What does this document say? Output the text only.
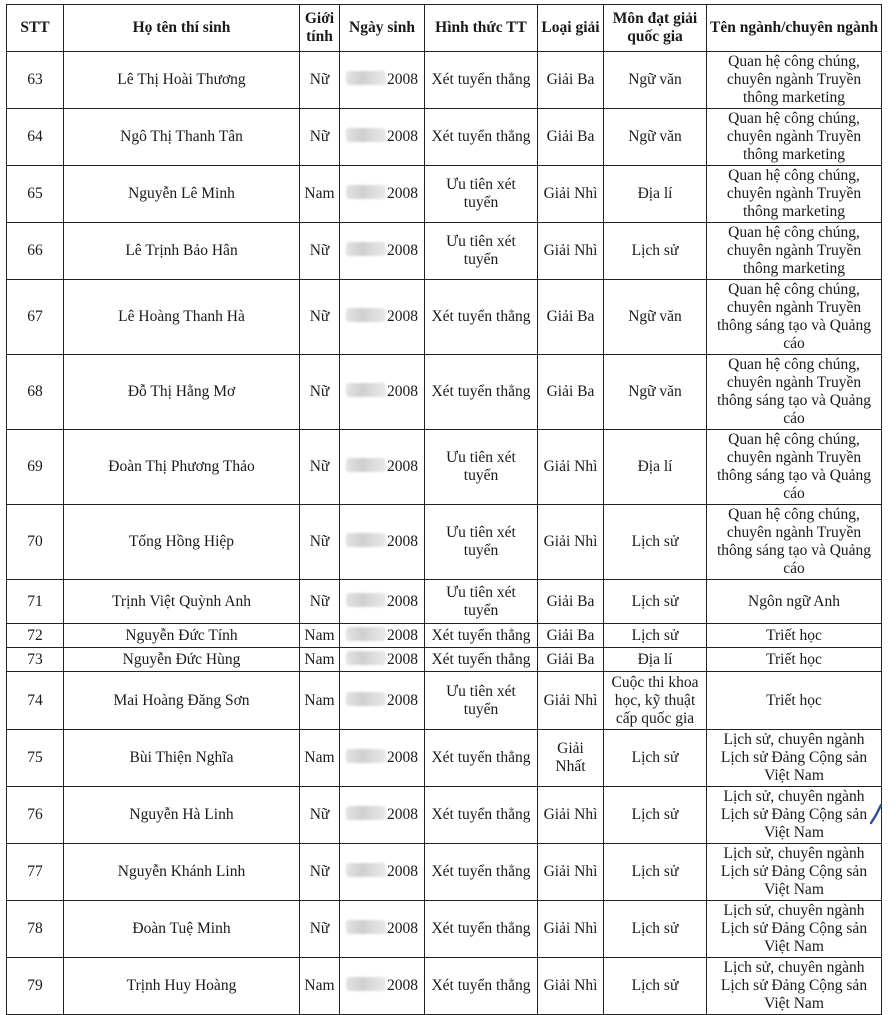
STT	Họ tên thí sinh	Giới tính	Ngày sinh	Hình thức TT	Loại giải	Môn đạt giải quốc gia	Tên ngành/chuyên ngành
63	Lê Thị Hoài Thương	Nữ	2008	Xét tuyển thẳng	Giải Ba	Ngữ văn	Quan hệ công chúng, chuyên ngành Truyền thông marketing
64	Ngô Thị Thanh Tân	Nữ	2008	Xét tuyển thẳng	Giải Ba	Ngữ văn	Quan hệ công chúng, chuyên ngành Truyền thông marketing
65	Nguyễn Lê Minh	Nam	2008	Ưu tiên xét tuyển	Giải Nhì	Địa lí	Quan hệ công chúng, chuyên ngành Truyền thông marketing
66	Lê Trịnh Bảo Hân	Nữ	2008	Ưu tiên xét tuyển	Giải Nhì	Lịch sử	Quan hệ công chúng, chuyên ngành Truyền thông marketing
67	Lê Hoàng Thanh Hà	Nữ	2008	Xét tuyển thẳng	Giải Ba	Ngữ văn	Quan hệ công chúng, chuyên ngành Truyền thông sáng tạo và Quảng cáo
68	Đỗ Thị Hằng Mơ	Nữ	2008	Xét tuyển thẳng	Giải Ba	Ngữ văn	Quan hệ công chúng, chuyên ngành Truyền thông sáng tạo và Quảng cáo
69	Đoàn Thị Phương Thảo	Nữ	2008	Ưu tiên xét tuyển	Giải Nhì	Địa lí	Quan hệ công chúng, chuyên ngành Truyền thông sáng tạo và Quảng cáo
70	Tống Hồng Hiệp	Nữ	2008	Ưu tiên xét tuyển	Giải Nhì	Lịch sử	Quan hệ công chúng, chuyên ngành Truyền thông sáng tạo và Quảng cáo
71	Trịnh Việt Quỳnh Anh	Nữ	2008	Ưu tiên xét tuyển	Giải Ba	Lịch sử	Ngôn ngữ Anh
72	Nguyễn Đức Tính	Nam	2008	Xét tuyển thẳng	Giải Ba	Lịch sử	Triết học
73	Nguyễn Đức Hùng	Nam	2008	Xét tuyển thẳng	Giải Ba	Địa lí	Triết học
74	Mai Hoàng Đăng Sơn	Nam	2008	Ưu tiên xét tuyển	Giải Nhì	Cuộc thi khoa học, kỹ thuật cấp quốc gia	Triết học
75	Bùi Thiện Nghĩa	Nam	2008	Xét tuyển thẳng	Giải Nhất	Lịch sử	Lịch sử, chuyên ngành Lịch sử Đảng Cộng sản Việt Nam
76	Nguyễn Hà Linh	Nữ	2008	Xét tuyển thẳng	Giải Nhì	Lịch sử	Lịch sử, chuyên ngành Lịch sử Đảng Cộng sản Việt Nam
77	Nguyễn Khánh Linh	Nữ	2008	Xét tuyển thẳng	Giải Nhì	Lịch sử	Lịch sử, chuyên ngành Lịch sử Đảng Cộng sản Việt Nam
78	Đoàn Tuệ Minh	Nữ	2008	Xét tuyển thẳng	Giải Nhì	Lịch sử	Lịch sử, chuyên ngành Lịch sử Đảng Cộng sản Việt Nam
79	Trịnh Huy Hoàng	Nam	2008	Xét tuyển thẳng	Giải Nhì	Lịch sử	Lịch sử, chuyên ngành Lịch sử Đảng Cộng sản Việt Nam
